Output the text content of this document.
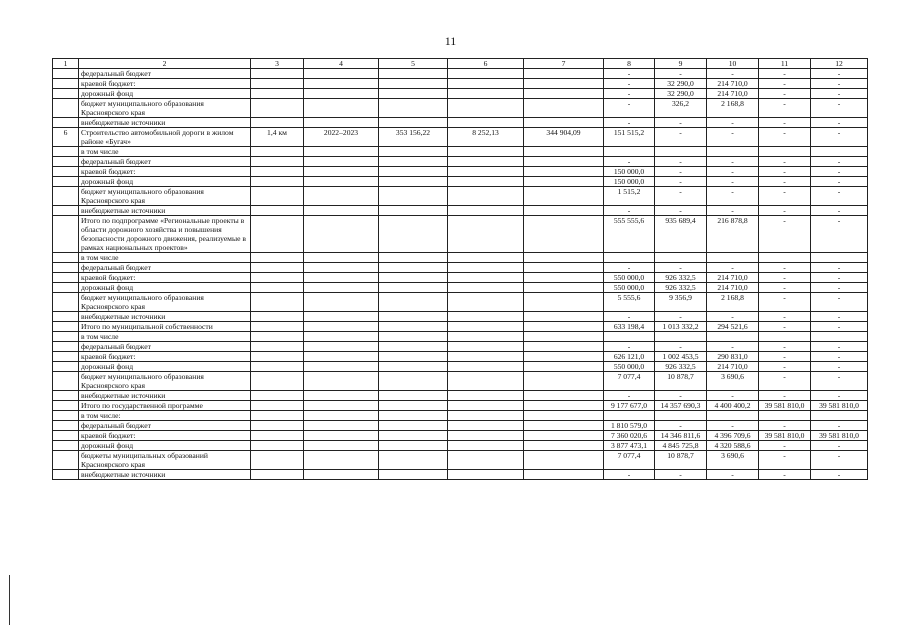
11
1	2	3	4	5	6	7	8	9	10	11	12
	федеральный бюджет						-	-	-	-	-
	краевой бюджет:						-	32 290,0	214 710,0	-	-
	дорожный фонд						-	32 290,0	214 710,0	-	-
	бюджет муниципального образования Красноярского края						-	326,2	2 168,8	-	-
	внебюджетные источники						-	-	-	-	-
6	Строительство автомобильной дороги в жилом районе «Бугач»	1,4 км	2022–2023	353 156,22	8 252,13	344 904,09	151 515,2	-	-	-	-
	в том числе										
	федеральный бюджет						-	-	-	-	-
	краевой бюджет:						150 000,0	-	-	-	-
	дорожный фонд						150 000,0	-	-	-	-
	бюджет муниципального образования Красноярского края						1 515,2	-	-	-	-
	внебюджетные источники						-	-	-	-	-
	Итого по подпрограмме «Региональные проекты в области дорожного хозяйства и повышения безопасности дорожного движения, реализуемые в рамках национальных проектов»						555 555,6	935 689,4	216 878,8	-	-
	в том числе										
	федеральный бюджет						-	-	-	-	-
	краевой бюджет:						550 000,0	926 332,5	214 710,0	-	-
	дорожный фонд						550 000,0	926 332,5	214 710,0	-	-
	бюджет муниципального образования Красноярского края						5 555,6	9 356,9	2 168,8	-	-
	внебюджетные источники						-	-	-	-	-
	Итого по муниципальной собственности						633 198,4	1 013 332,2	294 521,6	-	-
	в том числе										
	федеральный бюджет						-	-	-	-	-
	краевой бюджет:						626 121,0	1 002 453,5	290 831,0	-	-
	дорожный фонд						550 000,0	926 332,5	214 710,0	-	-
	бюджет муниципального образования Красноярского края						7 077,4	10 878,7	3 690,6	-	-
	внебюджетные источники						-	-	-	-	-
	Итого по государственной программе						9 177 677,0	14 357 690,3	4 400 400,2	39 581 810,0	39 581 810,0
	в том числе:										
	федеральный бюджет						1 810 579,0	-	-	-	-
	краевой бюджет:						7 360 020,6	14 346 811,6	4 396 709,6	39 581 810,0	39 581 810,0
	дорожный фонд						3 877 473,1	4 845 725,8	4 320 588,6	-	-
	бюджеты муниципальных образований Красноярского края						7 077,4	10 878,7	3 690,6	-	-
	внебюджетные источники						-	-	-	-	-
